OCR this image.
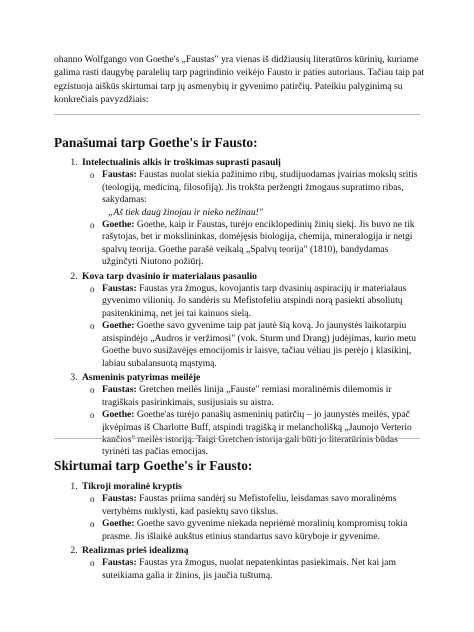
ohanno Wolfgango von Goethe's „Faustas" yra vienas iš didžiausių literatūros kūrinių, kuriame galima rasti daugybę paralelių tarp pagrindinio veikėjo Fausto ir paties autoriaus. Tačiau taip pat egzistuoja aiškūs skirtumai tarp jų asmenybių ir gyvenimo patirčių. Pateikiu palyginimą su konkrečiais pavyzdžiais:

Panašumai tarp Goethe's ir Fausto:
1. Intelectualinis alkis ir troškimas suprasti pasaulį
o Faustas: Faustas nuolat siekia pažinimo ribų, studijuodamas įvairias mokslų sritis (teologiją, mediciną, filosofiją). Jis trokšta peržengti žmogaus supratimo ribas, sakydamas:
„Aš tiek daug žinojau ir nieko nežinau!"
o Goethe: Goethe, kaip ir Faustas, turėjo enciklopedinių žinių siekį. Jis buvo ne tik rašytojas, bet ir mokslininkas, domėjęsis biologija, chemija, mineralogija ir netgi spalvų teorija. Goethe parašė veikalą „Spalvų teorija" (1810), bandydamas užginčyti Niutono požiūrį.
2. Kova tarp dvasinio ir materialaus pasaulio
o Faustas: Faustas yra žmogus, kovojantis tarp dvasinių aspiracijų ir materialaus gyvenimo vilionių. Jo sandėris su Mefistofeliu atspindi norą pasiekti absoliutų pasitenkinimą, net jei tai kainuos sielą.
o Goethe: Goethe savo gyvenime taip pat jautė šią kovą. Jo jaunystės laikotarpiu atsispindėjo „Audros ir veržimosi" (vok. Sturm und Drang) judėjimas, kurio metu Goethe buvo susižavėjęs emocijomis ir laisve, tačiau vėliau jis perėjo į klasikinį, labiau subalansuotą mąstymą.
3. Asmeninis patyrimas meilėje
o Faustas: Gretchen meilės linija „Fauste" remiasi moralinėmis dilemomis ir tragiškais pasirinkimais, susijusiais su aistra.
o Goethe: Goethe'as turėjo panašių asmeninių patirčių – jo jaunystės meilės, ypač įkvėpimas iš Charlotte Buff, atspindi tragišką ir melancholišką „Jaunojo Verterio kančios" meilės istoriją. Taigi Gretchen istorija gali būti jo literatūrinis būdas tyrinėti tas pačias emocijas.
Skirtumai tarp Goethe's ir Fausto:
1. Tikroji moralinė kryptis
o Faustas: Faustas priima sandėrį su Mefistofeliu, leisdamas savo moralinėms vertybėms nuklysti, kad pasiektų savo tikslus.
o Goethe: Goethe savo gyvenime niekada nepriėmė moralinių kompromisų tokia prasme. Jis išlaikė aukštus etinius standartus savo kūryboje ir gyvenime.
2. Realizmas prieš idealizmą
o Faustas: Faustas yra žmogus, nuolat nepatenkintas pasiekimais. Net kai jam suteikiama galia ir žinios, jis jaučia tuštumą.
